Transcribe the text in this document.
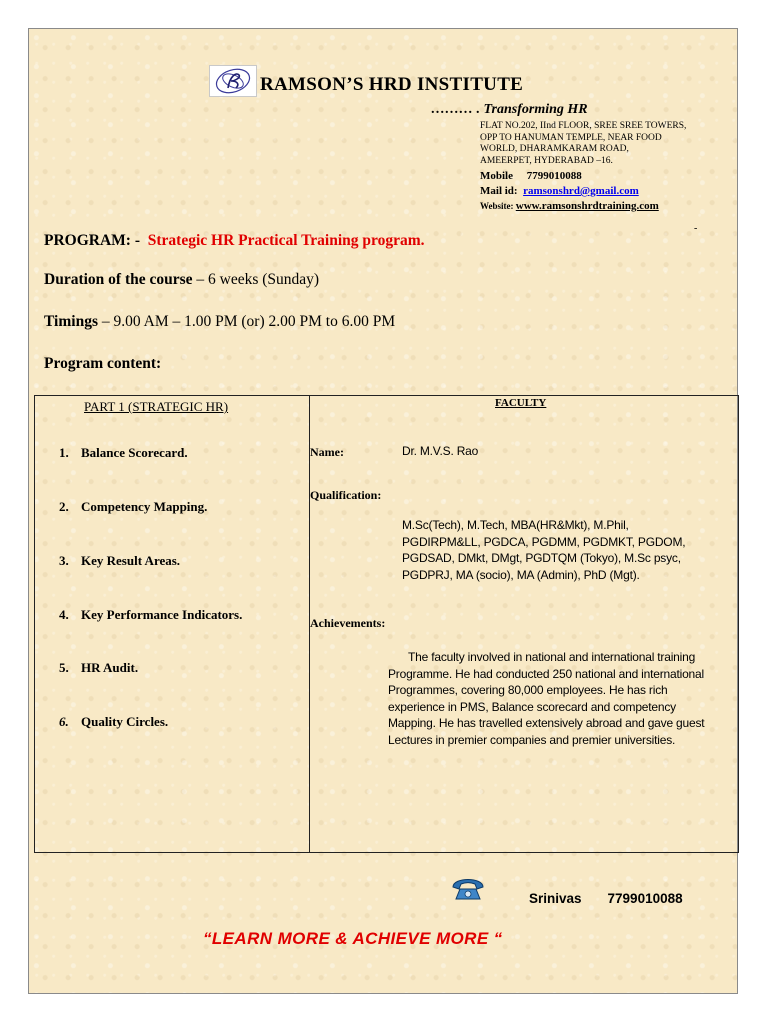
RAMSON’S HRD INSTITUTE
……… . Transforming HR
FLAT NO.202, IInd FLOOR, SREE SREE TOWERS,
OPP TO HANUMAN TEMPLE, NEAR FOOD
WORLD, DHARAMKARAM ROAD,
AMEERPET, HYDERABAD –16.
Mobile 7799010088
Mail id: ramsonshrd@gmail.com
Website: www.ramsonshrdtraining.com
-
PROGRAM: - Strategic HR Practical Training program.
Duration of the course – 6 weeks (Sunday)
Timings – 9.00 AM – 1.00 PM (or) 2.00 PM to 6.00 PM
Program content:
PART 1 (STRATEGIC HR)
1. Balance Scorecard.
2. Competency Mapping.
3. Key Result Areas.
4. Key Performance Indicators.
5. HR Audit.
6. Quality Circles.
FACULTY
Name:	Dr. M.V.S. Rao
Qualification:
M.Sc(Tech), M.Tech, MBA(HR&Mkt), M.Phil,
PGDIRPM&LL, PGDCA, PGDMM, PGDMKT, PGDOM,
PGDSAD, DMkt, DMgt, PGDTQM (Tokyo), M.Sc psyc,
PGDPRJ, MA (socio), MA (Admin), PhD (Mgt).
Achievements:
The faculty involved in national and international training
Programme. He had conducted 250 national and international
Programmes, covering 80,000 employees. He has rich
experience in PMS, Balance scorecard and competency
Mapping. He has travelled extensively abroad and gave guest
Lectures in premier companies and premier universities.
Srinivas 7799010088
“LEARN MORE & ACHIEVE MORE “
